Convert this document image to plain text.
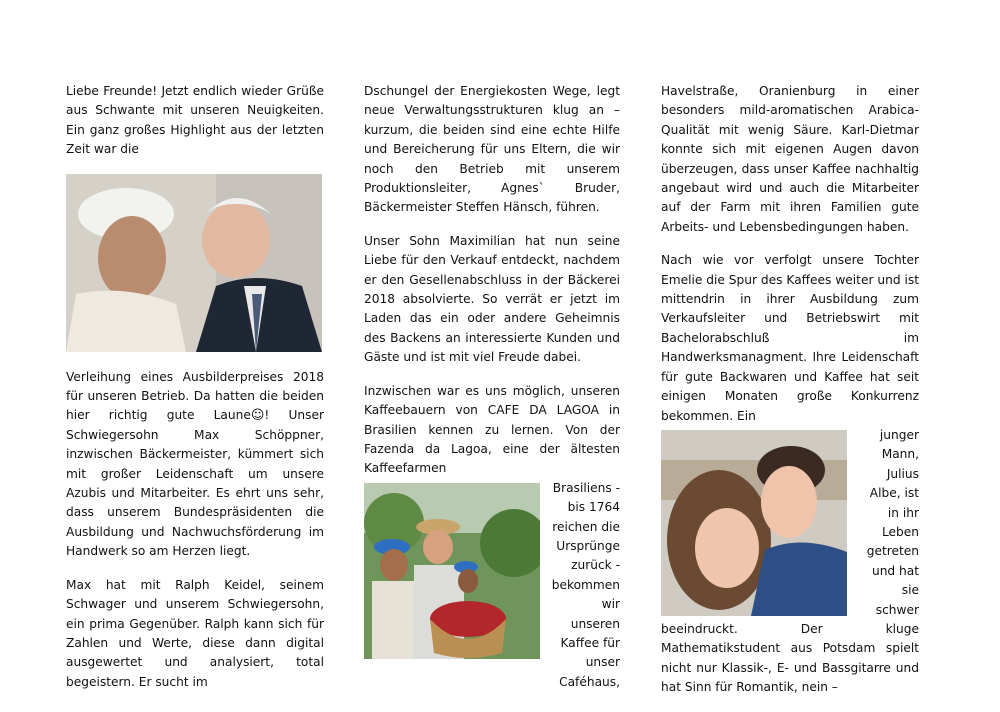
Liebe Freunde! Jetzt endlich wieder Grüße aus Schwante mit unseren Neuigkeiten. Ein ganz großes Highlight aus der letzten Zeit war die

Verleihung eines Ausbilderpreises 2018 für unseren Betrieb. Da hatten die beiden hier richtig gute Laune☺! Unser Schwiegersohn Max Schöppner, inzwischen Bäckermeister, kümmert sich mit großer Leidenschaft um unsere Azubis und Mitarbeiter. Es ehrt uns sehr, dass unserem Bundespräsidenten die Ausbildung und Nachwuchsförderung im Handwerk so am Herzen liegt.

Max hat mit Ralph Keidel, seinem Schwager und unserem Schwiegersohn, ein prima Gegenüber. Ralph kann sich für Zahlen und Werte, diese dann digital ausgewertet und analysiert, total begeistern. Er sucht im

Dschungel der Energiekosten Wege, legt neue Verwaltungsstrukturen klug an – kurzum, die beiden sind eine echte Hilfe und Bereicherung für uns Eltern, die wir noch den Betrieb mit unserem Produktionsleiter, Agnes` Bruder, Bäckermeister Steffen Hänsch, führen.

Unser Sohn Maximilian hat nun seine Liebe für den Verkauf entdeckt, nachdem er den Gesellenabschluss in der Bäckerei 2018 absolvierte. So verrät er jetzt im Laden das ein oder andere Geheimnis des Backens an interessierte Kunden und Gäste und ist mit viel Freude dabei.

Inzwischen war es uns möglich, unseren Kaffeebauern von CAFE DA LAGOA in Brasilien kennen zu lernen. Von der Fazenda da Lagoa, eine der ältesten Kaffeefarmen

Brasiliens -
bis 1764
reichen die
Ursprünge
zurück -
bekommen
wir unseren
Kaffee für
unser
Caféhaus,

Havelstraße, Oranienburg in einer besonders mild-aromatischen Arabica-Qualität mit wenig Säure. Karl-Dietmar konnte sich mit eigenen Augen davon überzeugen, dass unser Kaffee nachhaltig angebaut wird und auch die Mitarbeiter auf der Farm mit ihren Familien gute Arbeits- und Lebensbedingungen haben.

Nach wie vor verfolgt unsere Tochter Emelie die Spur des Kaffees weiter und ist mittendrin in ihrer Ausbildung zum Verkaufsleiter und Betriebswirt mit Bachelorabschluß im Handwerksmanagment. Ihre Leidenschaft für gute Backwaren und Kaffee hat seit einigen Monaten große Konkurrenz bekommen. Ein

junger
Mann,
Julius
Albe, ist
in ihr
Leben
getreten
und hat
sie
schwer

beeindruckt. Der kluge Mathematikstudent aus Potsdam spielt nicht nur Klassik-, E- und Bassgitarre und hat Sinn für Romantik, nein –
